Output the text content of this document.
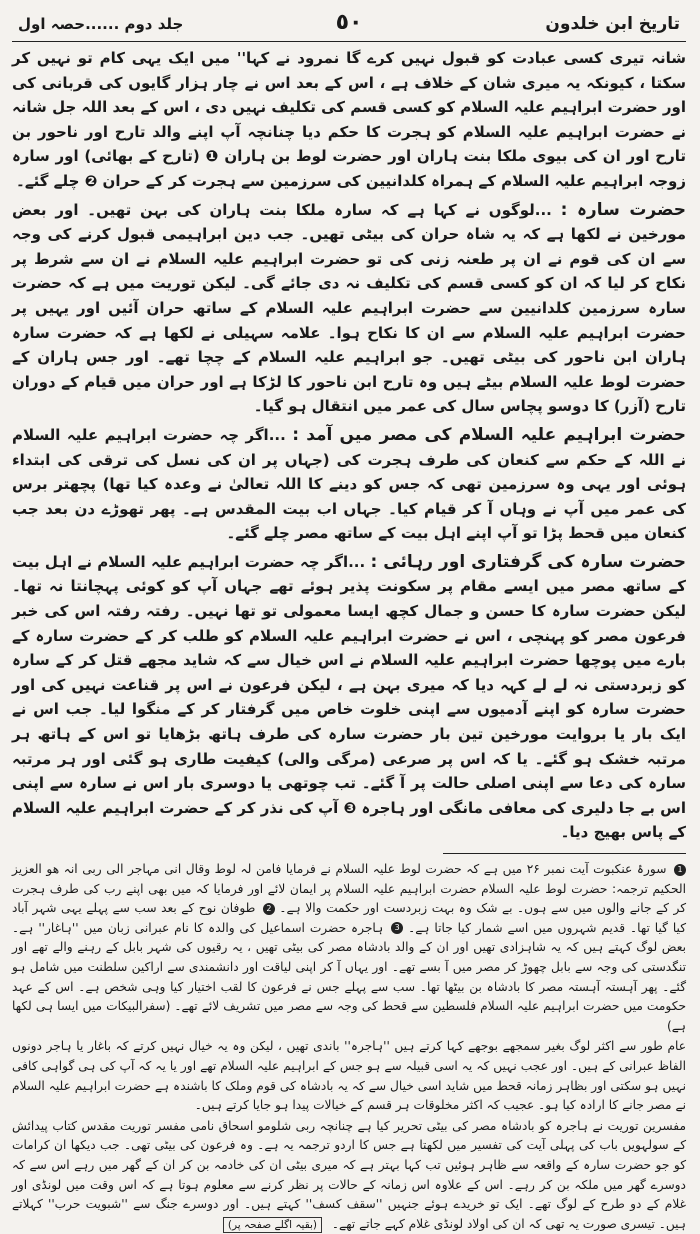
تاریخ ابن خلدون
٥٠
جلد دوم ......حصہ اول

شانہ تیری کسی عبادت کو قبول نہیں کرے گا نمرود نے کہا'' میں ایک یہی کام تو نہیں کر سکتا ، کیونکہ یہ میری شان کے خلاف ہے ، اس کے بعد اس نے چار ہزار گایوں کی قربانی کی اور حضرت ابراہیم علیہ السلام کو کسی قسم کی تکلیف نہیں دی ، اس کے بعد اللہ جل شانہ نے حضرت ابراہیم علیہ السلام کو ہجرت کا حکم دیا چنانچہ آپ اپنے والد تارح اور ناحور بن تارح اور ان کی بیوی ملکا بنت ہاران اور حضرت لوط بن ہاران ❶ (تارح کے بھائی) اور سارہ زوجہ ابراہیم علیہ السلام کے ہمراہ کلدانیین کی سرزمین سے ہجرت کر کے حران ❷ چلے گئے۔

حضرت سارہ : ...لوگوں نے کہا ہے کہ سارہ ملکا بنت ہاران کی بہن تھیں۔ اور بعض مورخین نے لکھا ہے کہ یہ شاہ حران کی بیٹی تھیں۔ جب دین ابراہیمی قبول کرنے کی وجہ سے ان کی قوم نے ان پر طعنہ زنی کی تو حضرت ابراہیم علیہ السلام نے ان سے شرط پر نکاح کر لیا کہ ان کو کسی قسم کی تکلیف نہ دی جائے گی۔ لیکن توریت میں ہے کہ حضرت سارہ سرزمین کلدانیین سے حضرت ابراہیم علیہ السلام کے ساتھ حران آئیں اور یہیں پر حضرت ابراہیم علیہ السلام سے ان کا نکاح ہوا۔ علامہ سہیلی نے لکھا ہے کہ حضرت سارہ ہاران ابن ناحور کی بیٹی تھیں۔ جو ابراہیم علیہ السلام کے چچا تھے۔ اور جس ہاران کے حضرت لوط علیہ السلام بیٹے ہیں وہ تارح ابن ناحور کا لڑکا ہے اور حران میں قیام کے دوران تارح (آزر) کا دوسو پچاس سال کی عمر میں انتقال ہو گیا۔

حضرت ابراہیم علیہ السلام کی مصر میں آمد : ...اگر چہ حضرت ابراہیم علیہ السلام نے اللہ کے حکم سے کنعان کی طرف ہجرت کی (جہاں پر ان کی نسل کی ترقی کی ابتداء ہوئی اور یہی وہ سرزمین تھی کہ جس کو دینے کا اللہ تعالیٰ نے وعدہ کیا تھا) پچھتر برس کی عمر میں آپ نے وہاں آ کر قیام کیا۔ جہاں اب بیت المقدس ہے۔ پھر تھوڑے دن بعد جب کنعان میں قحط پڑا تو آپ اپنے اہل بیت کے ساتھ مصر چلے گئے۔

حضرت سارہ کی گرفتاری اور رہائی : ...اگر چہ حضرت ابراہیم علیہ السلام نے اہل بیت کے ساتھ مصر میں ایسے مقام پر سکونت پذیر ہوئے تھے جہاں آپ کو کوئی پہچانتا نہ تھا۔ لیکن حضرت سارہ کا حسن و جمال کچھ ایسا معمولی تو تھا نہیں۔ رفتہ رفتہ اس کی خبر فرعون مصر کو پہنچی ، اس نے حضرت ابراہیم علیہ السلام کو طلب کر کے حضرت سارہ کے بارے میں پوچھا حضرت ابراہیم علیہ السلام نے اس خیال سے کہ شاید مجھے قتل کر کے سارہ کو زبردستی نہ لے لے کہہ دیا کہ میری بہن ہے ، لیکن فرعون نے اس پر قناعت نہیں کی اور حضرت سارہ کو اپنے آدمیوں سے اپنی خلوت خاص میں گرفتار کر کے منگوا لیا۔ جب اس نے ایک بار یا بروایت مورخین تین بار حضرت سارہ کی طرف ہاتھ بڑھایا تو اس کے ہاتھ ہر مرتبہ خشک ہو گئے۔ یا کہ اس پر صرعی (مرگی والی) کیفیت طاری ہو گئی اور ہر مرتبہ سارہ کی دعا سے اپنی اصلی حالت پر آ گئے۔ تب چوتھی یا دوسری بار اس نے سارہ سے اپنی اس بے جا دلیری کی معافی مانگی اور ہاجرہ ❸ آپ کی نذر کر کے حضرت ابراہیم علیہ السلام کے پاس بھیج دیا۔

1 سورۂ عنکبوت آیت نمبر ۲۶ میں ہے کہ حضرت لوط علیہ السلام نے فرمایا فامن لہ لوط وقال انی مہاجر الی ربی انہ ھو العزیز الحکیم ترجمہ: حضرت لوط علیہ السلام حضرت ابراہیم علیہ السلام پر ایمان لائے اور فرمایا کہ میں بھی اپنے رب کی طرف ہجرت کر کے جانے والوں میں سے ہوں۔ بے شک وہ بہت زبردست اور حکمت والا ہے۔ 2 طوفان نوح کے بعد سب سے پہلے یہی شہر آباد کیا گیا تھا۔ قدیم شہروں میں اسے شمار کیا جاتا ہے۔ 3 ہاجرہ حضرت اسماعیل کی والدہ کا نام عبرانی زبان میں ''ہاغار'' ہے۔ بعض لوگ کہتے ہیں کہ یہ شاہزادی تھیں اور ان کے والد بادشاہ مصر کی بیٹی تھیں ، یہ رقیوں کی شہر بابل کے رہنے والے تھے اور تنگدستی کی وجہ سے بابل چھوڑ کر مصر میں آ بسے تھے۔ اور یہاں آ کر اپنی لیاقت اور دانشمندی سے اراکین سلطنت میں شامل ہو گئے۔ پھر آہستہ آہستہ مصر کا بادشاہ بن بیٹھا تھا۔ سب سے پہلے جس نے فرعون کا لقب اختیار کیا وہی شخص ہے۔ اس کے عہد حکومت میں حضرت ابراہیم علیہ السلام فلسطین سے قحط کی وجہ سے مصر میں تشریف لائے تھے۔ (سفرالبیکات میں ایسا ہی لکھا ہے)

عام طور سے اکثر لوگ بغیر سمجھے بوجھے کہا کرتے ہیں ''ہاجرہ'' باندی تھیں ، لیکن وہ یہ خیال نہیں کرتے کہ باغار یا ہاجر دونوں الفاظ عبرانی کے ہیں۔ اور عجب نہیں کہ یہ اسی قبیلہ سے ہو جس کے ابراہیم علیہ السلام تھے اور یا یہ کہ آپ کی ہی گواہی کافی نہیں ہو سکتی اور بظاہر زمانہ قحط میں شاید اسی خیال سے کہ یہ بادشاہ کی قوم وملک کا باشندہ ہے حضرت ابراہیم علیہ السلام نے مصر جانے کا ارادہ کیا ہو۔ عجیب کہ اکثر مخلوقات ہر قسم کے خیالات پیدا ہو جایا کرتے ہیں۔

مفسرین توریت نے ہاجرہ کو بادشاہ مصر کی بیٹی تحریر کیا ہے چنانچہ ربی شلومو اسحاق نامی مفسر توریت مقدس کتاب پیدائش کے سولہویں باب کی پہلی آیت کی تفسیر میں لکھتا ہے جس کا اردو ترجمہ یہ ہے۔ وہ فرعون کی بیٹی تھی۔ جب دیکھا ان کرامات کو جو حضرت سارہ کے واقعہ سے ظاہر ہوئیں تب کہا بہتر ہے کہ میری بیٹی ان کی خادمہ بن کر ان کے گھر میں رہے اس سے کہ دوسرے گھر میں ملکہ بن کر رہے۔ اس کے علاوہ اس زمانہ کے حالات پر نظر کرنے سے معلوم ہوتا ہے کہ اس وقت میں لونڈی اور غلام کے دو طرح کے لوگ تھے۔ ایک تو خریدے ہوئے جنہیں ''سقف کسف'' کہتے ہیں۔ اور دوسرے جنگ سے ''شبویت حرب'' کہلاتے ہیں۔ تیسری صورت یہ تھی کہ ان کی اولاد لونڈی غلام کہے جاتے تھے۔ (بقیہ اگلے صفحہ پر)
